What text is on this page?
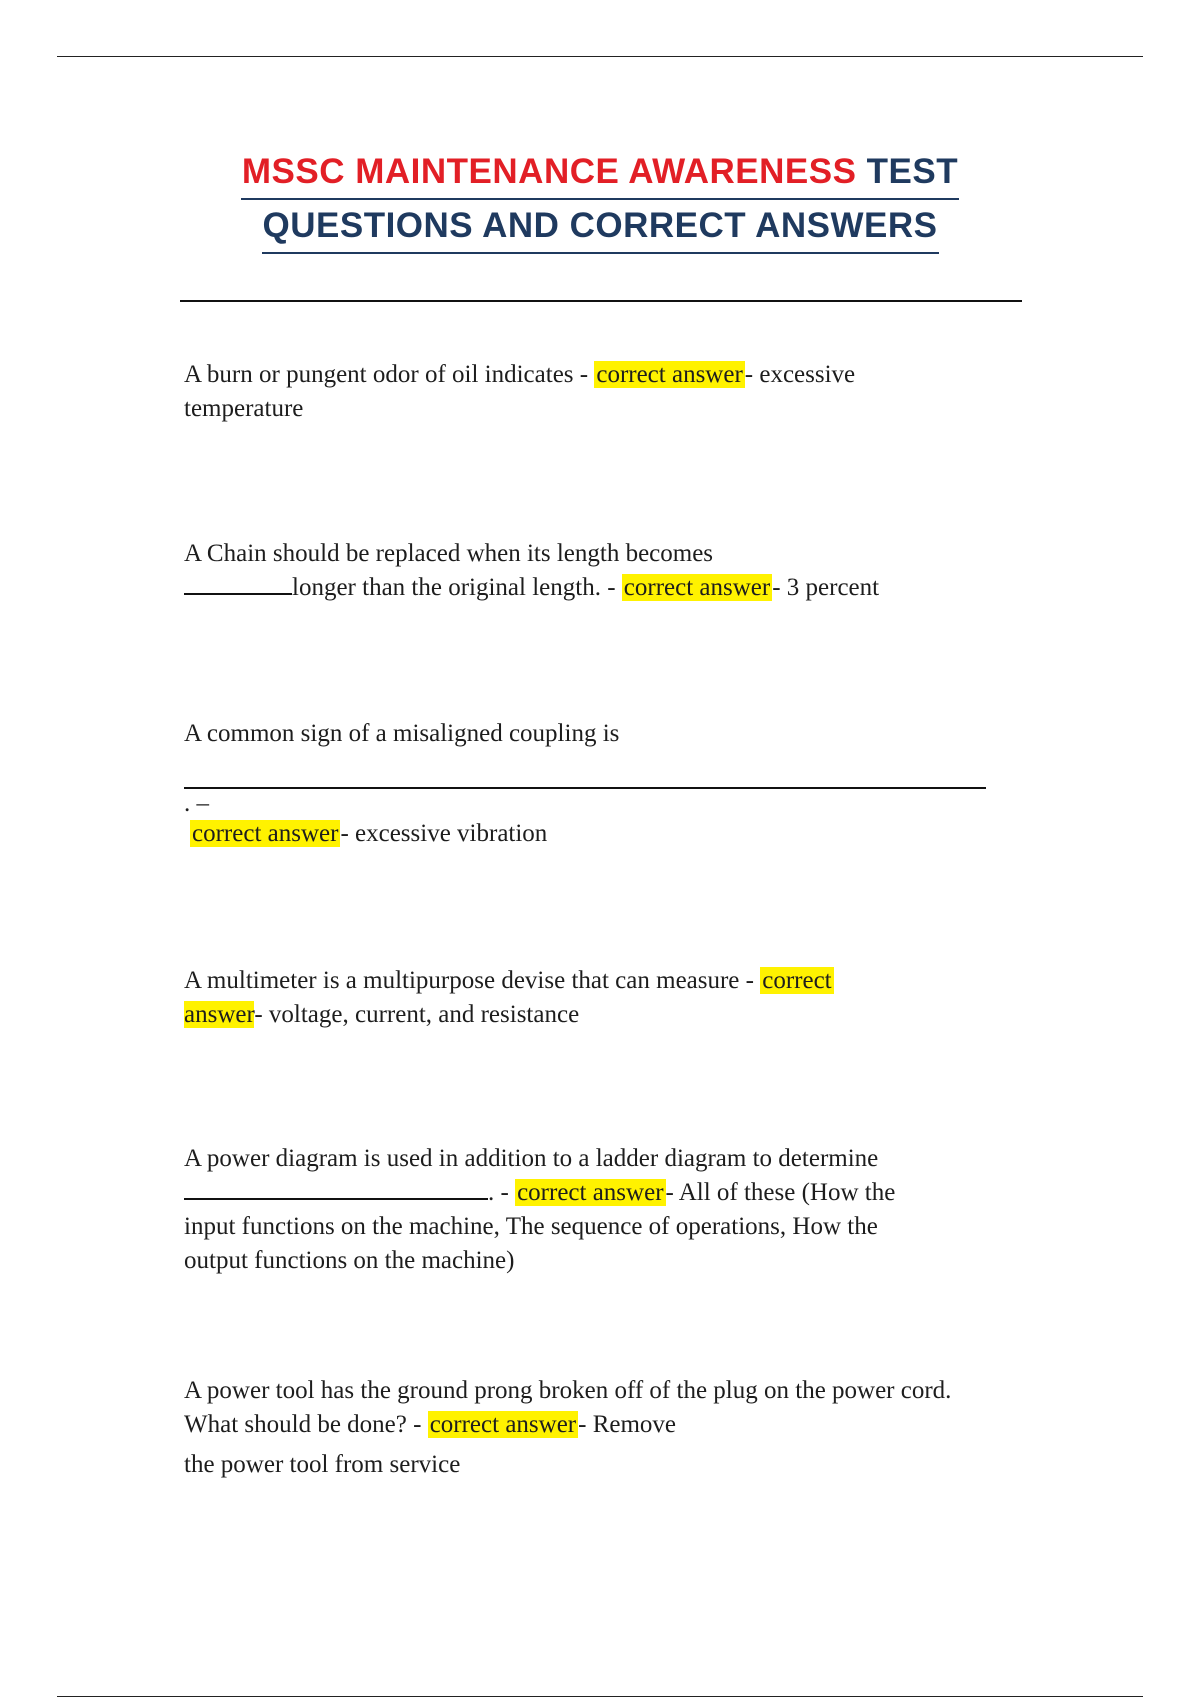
MSSC MAINTENANCE AWARENESS TEST
QUESTIONS AND CORRECT ANSWERS
A burn or pungent odor of oil indicates - correct answer- excessive
temperature
A Chain should be replaced when its length becomes
longer than the original length. - correct answer- 3 percent
A common sign of a misaligned coupling is
. –
correct answer- excessive vibration
A multimeter is a multipurpose devise that can measure - correct
answer- voltage, current, and resistance
A power diagram is used in addition to a ladder diagram to determine
. - correct answer- All of these (How the
input functions on the machine, The sequence of operations, How the
output functions on the machine)
A power tool has the ground prong broken off of the plug on the power cord.
What should be done? - correct answer- Remove
the power tool from service
